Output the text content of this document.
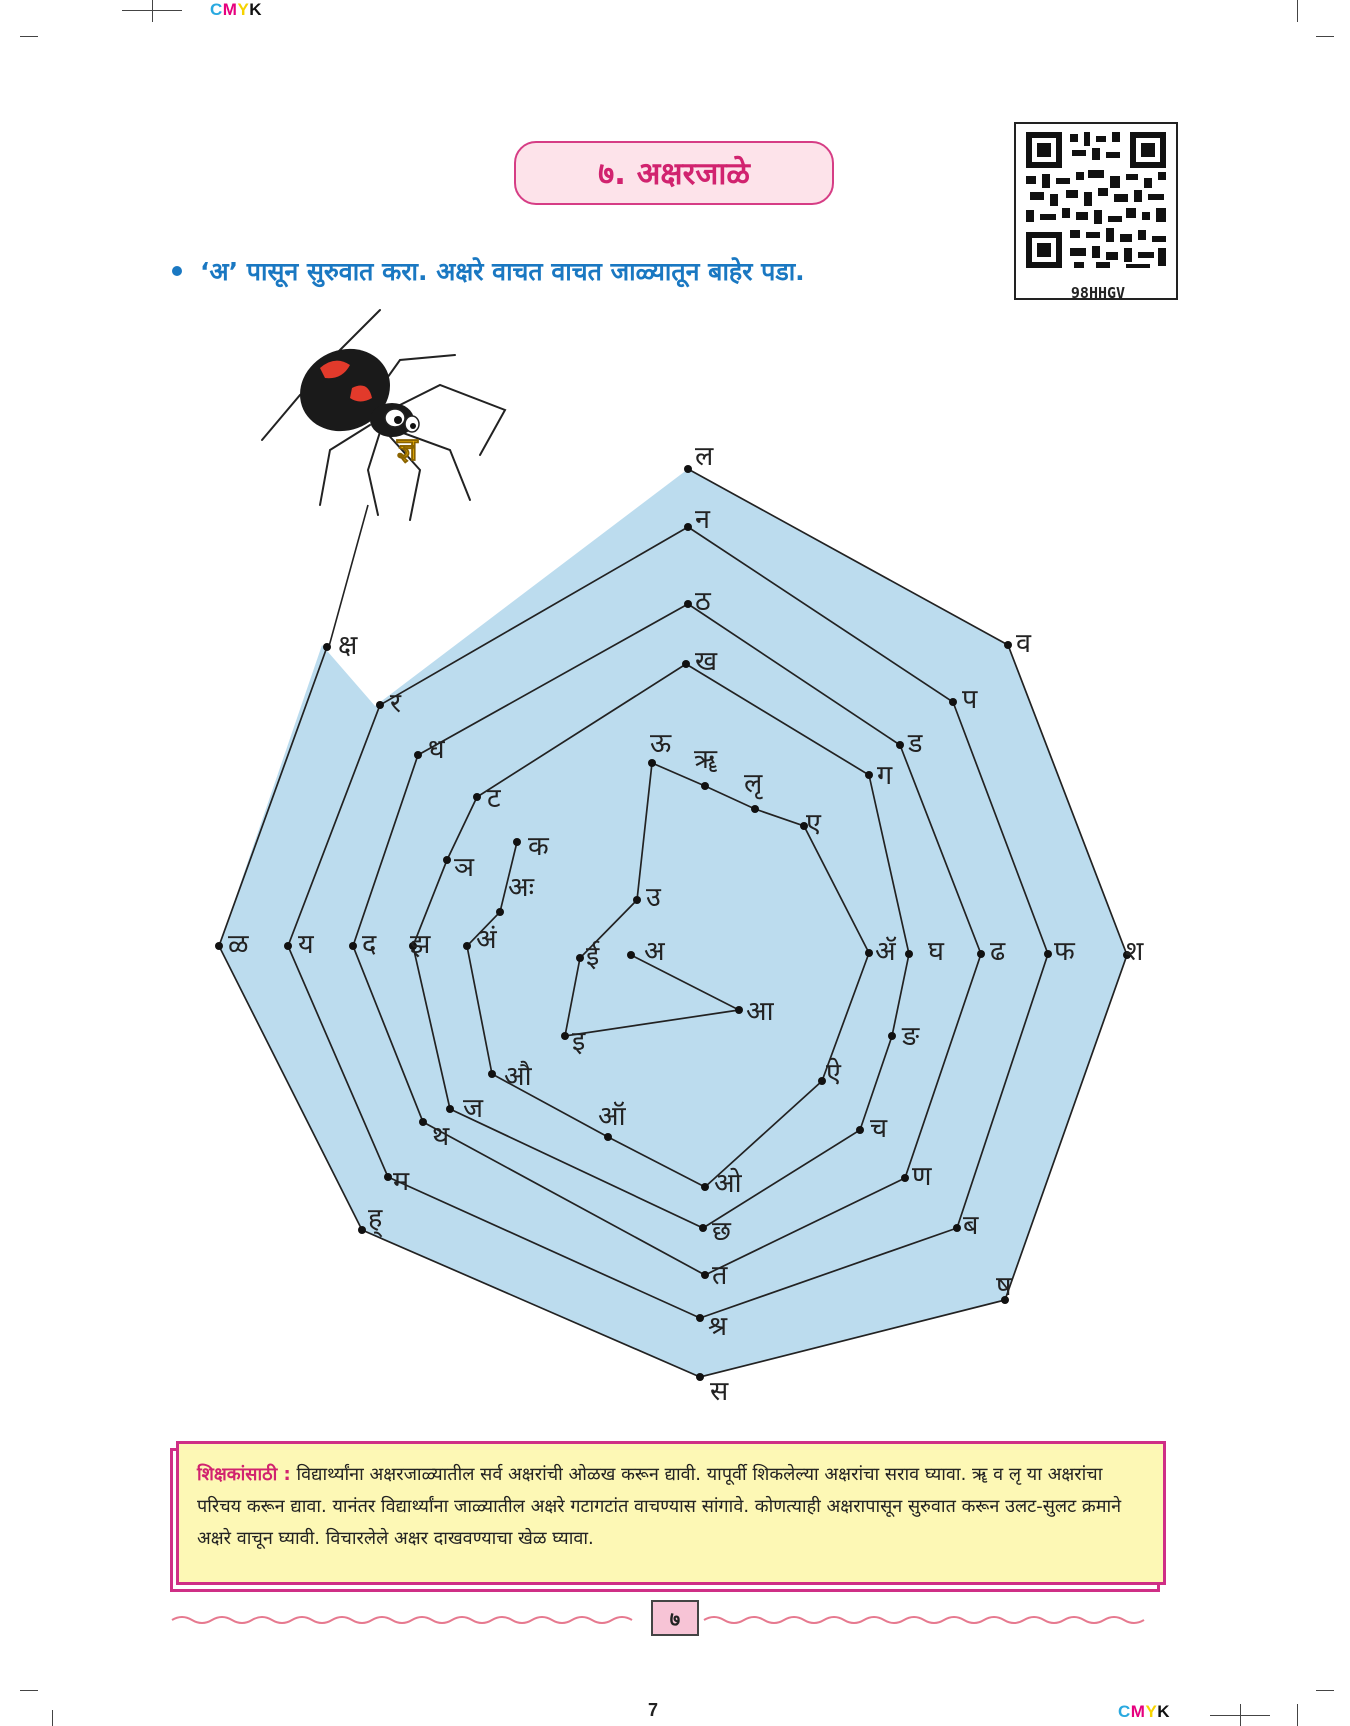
CMYK
CMYK
७. अक्षरजाळे
98HHGV
‘अ’ पासून सुरुवात करा. अक्षरे वाचत वाचत जाळ्यातून बाहेर पडा.
ल
न
ठ
ख
व
प
ड
ग
क्ष
र
ध
ट
क
ञ
अः
ळ य द झ अं	श
फ
ढ
घ
ॲ
ङ
ऐ
च
ण
ब
ष
म
ह्
थ
ज
औ
ऑ
ओ
छ
त
श्र
स
ऊ
ॠ
लृ
ए
उ
ई अ
आ
इ
ज्ञ
शिक्षकांसाठी : विद्यार्थ्यांना अक्षरजाळ्यातील सर्व अक्षरांची ओळख करून द्यावी. यापूर्वी शिकलेल्या अक्षरांचा सराव घ्यावा. ॠ व लृ या अक्षरांचा परिचय करून द्यावा. यानंतर विद्यार्थ्यांना जाळ्यातील अक्षरे गटागटांत वाचण्यास सांगावे. कोणत्याही अक्षरापासून सुरुवात करून उलट-सुलट क्रमाने अक्षरे वाचून घ्यावी. विचारलेले अक्षर दाखवण्याचा खेळ घ्यावा.
७
7
